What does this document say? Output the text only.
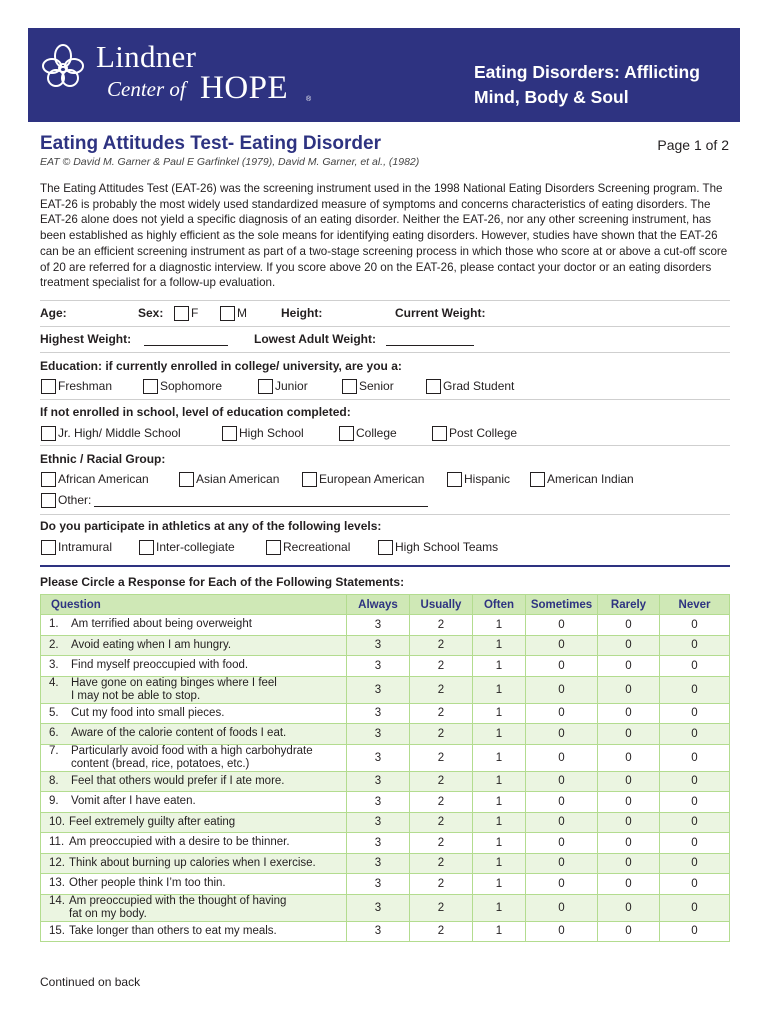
Lindner
Center of HOPE	®
Eating Disorders: Afflicting Mind, Body & Soul
Eating Attitudes Test- Eating Disorder	Page 1 of 2
EAT © David M. Garner & Paul E Garfinkel (1979), David M. Garner, et al., (1982)
The Eating Attitudes Test (EAT-26) was the screening instrument used in the 1998 National Eating Disorders Screening program. The EAT-26 is probably the most widely used standardized measure of symptoms and concerns characteristics of eating disorders. The EAT-26 alone does not yield a specific diagnosis of an eating disorder. Neither the EAT-26, nor any other screening instrument, has been established as highly efficient as the sole means for identifying eating disorders. However, studies have shown that the EAT-26 can be an efficient screening instrument as part of a two-stage screening process in which those who score at or above a cut-off score of 20 are referred for a diagnostic interview. If you score above 20 on the EAT-26, please contact your doctor or an eating disorders treatment specialist for a follow-up evaluation.
Age:	Sex: F	M	Height:	Current Weight:
Highest Weight:	Lowest Adult Weight:
Education: if currently enrolled in college/ university, are you a:
Freshman	Sophomore	Junior	Senior	Grad Student
If not enrolled in school, level of education completed:
Jr. High/ Middle School	High School	College	Post College
Ethnic / Racial Group:
African American	Asian American	European American	Hispanic	American Indian
Other:
Do you participate in athletics at any of the following levels:
Intramural	Inter-collegiate	Recreational	High School Teams
Please Circle a Response for Each of the Following Statements:
Question	Always	Usually	Often	Sometimes	Rarely	Never

1. Am terrified about being overweight	3	2	1	0	0	0

2. Avoid eating when I am hungry.	3	2	1	0	0	0

3. Find myself preoccupied with food.	3	2	1	0	0	0

4. Have gone on eating binges where I feel
I may not be able to stop.	3	2	1	0	0	0

5. Cut my food into small pieces.	3	2	1	0	0	0

6. Aware of the calorie content of foods I eat.	3	2	1	0	0	0

7. Particularly avoid food with a high carbohydrate
content (bread, rice, potatoes, etc.)	3	2	1	0	0	0

8. Feel that others would prefer if I ate more.	3	2	1	0	0	0

9. Vomit after I have eaten.	3	2	1	0	0	0

10. Feel extremely guilty after eating	3	2	1	0	0	0

11. Am preoccupied with a desire to be thinner.	3	2	1	0	0	0

12. Think about burning up calories when I exercise.	3	2	1	0	0	0

13. Other people think I’m too thin.	3	2	1	0	0	0

14. Am preoccupied with the thought of having
fat on my body.	3	2	1	0	0	0

15. Take longer than others to eat my meals.	3	2	1	0	0	0
Continued on back
